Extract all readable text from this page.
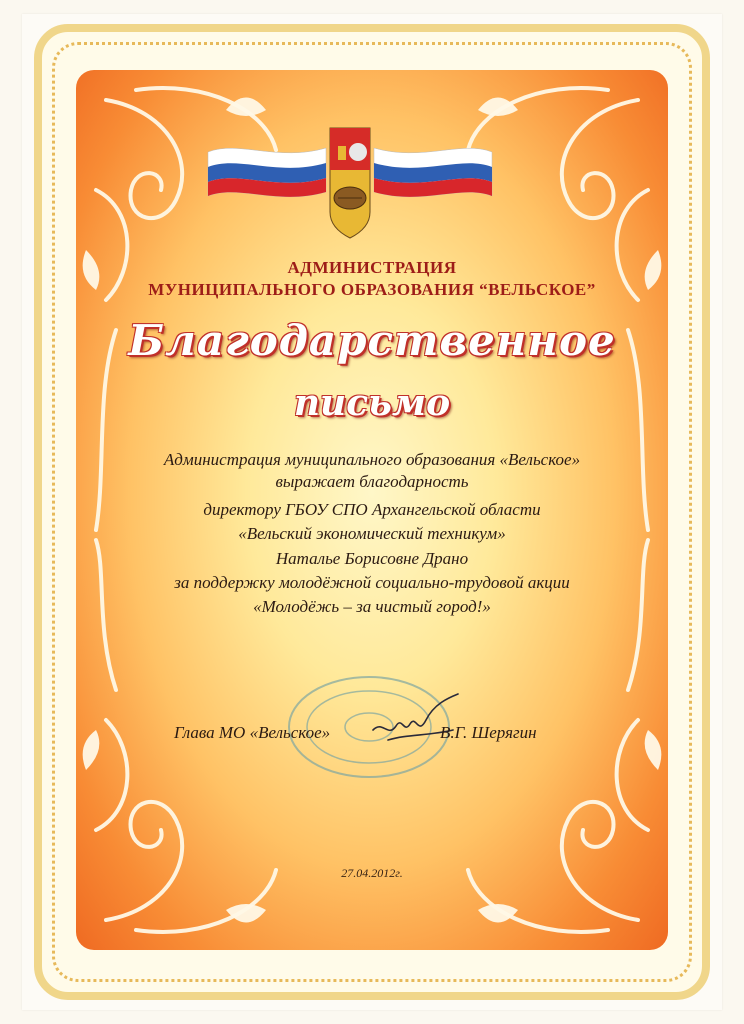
АДМИНИСТРАЦИЯ
МУНИЦИПАЛЬНОГО ОБРАЗОВАНИЯ “ВЕЛЬСКОЕ”
Благодарственное
письмо
Администрация муниципального образования «Вельское»
выражает благодарность
директору ГБОУ СПО Архангельской области
«Вельский экономический техникум»
Наталье Борисовне Драно
за поддержку молодёжной социально-трудовой акции
«Молодёжь – за чистый город!»
Глава МО «Вельское»	В.Г. Шерягин
27.04.2012г.
